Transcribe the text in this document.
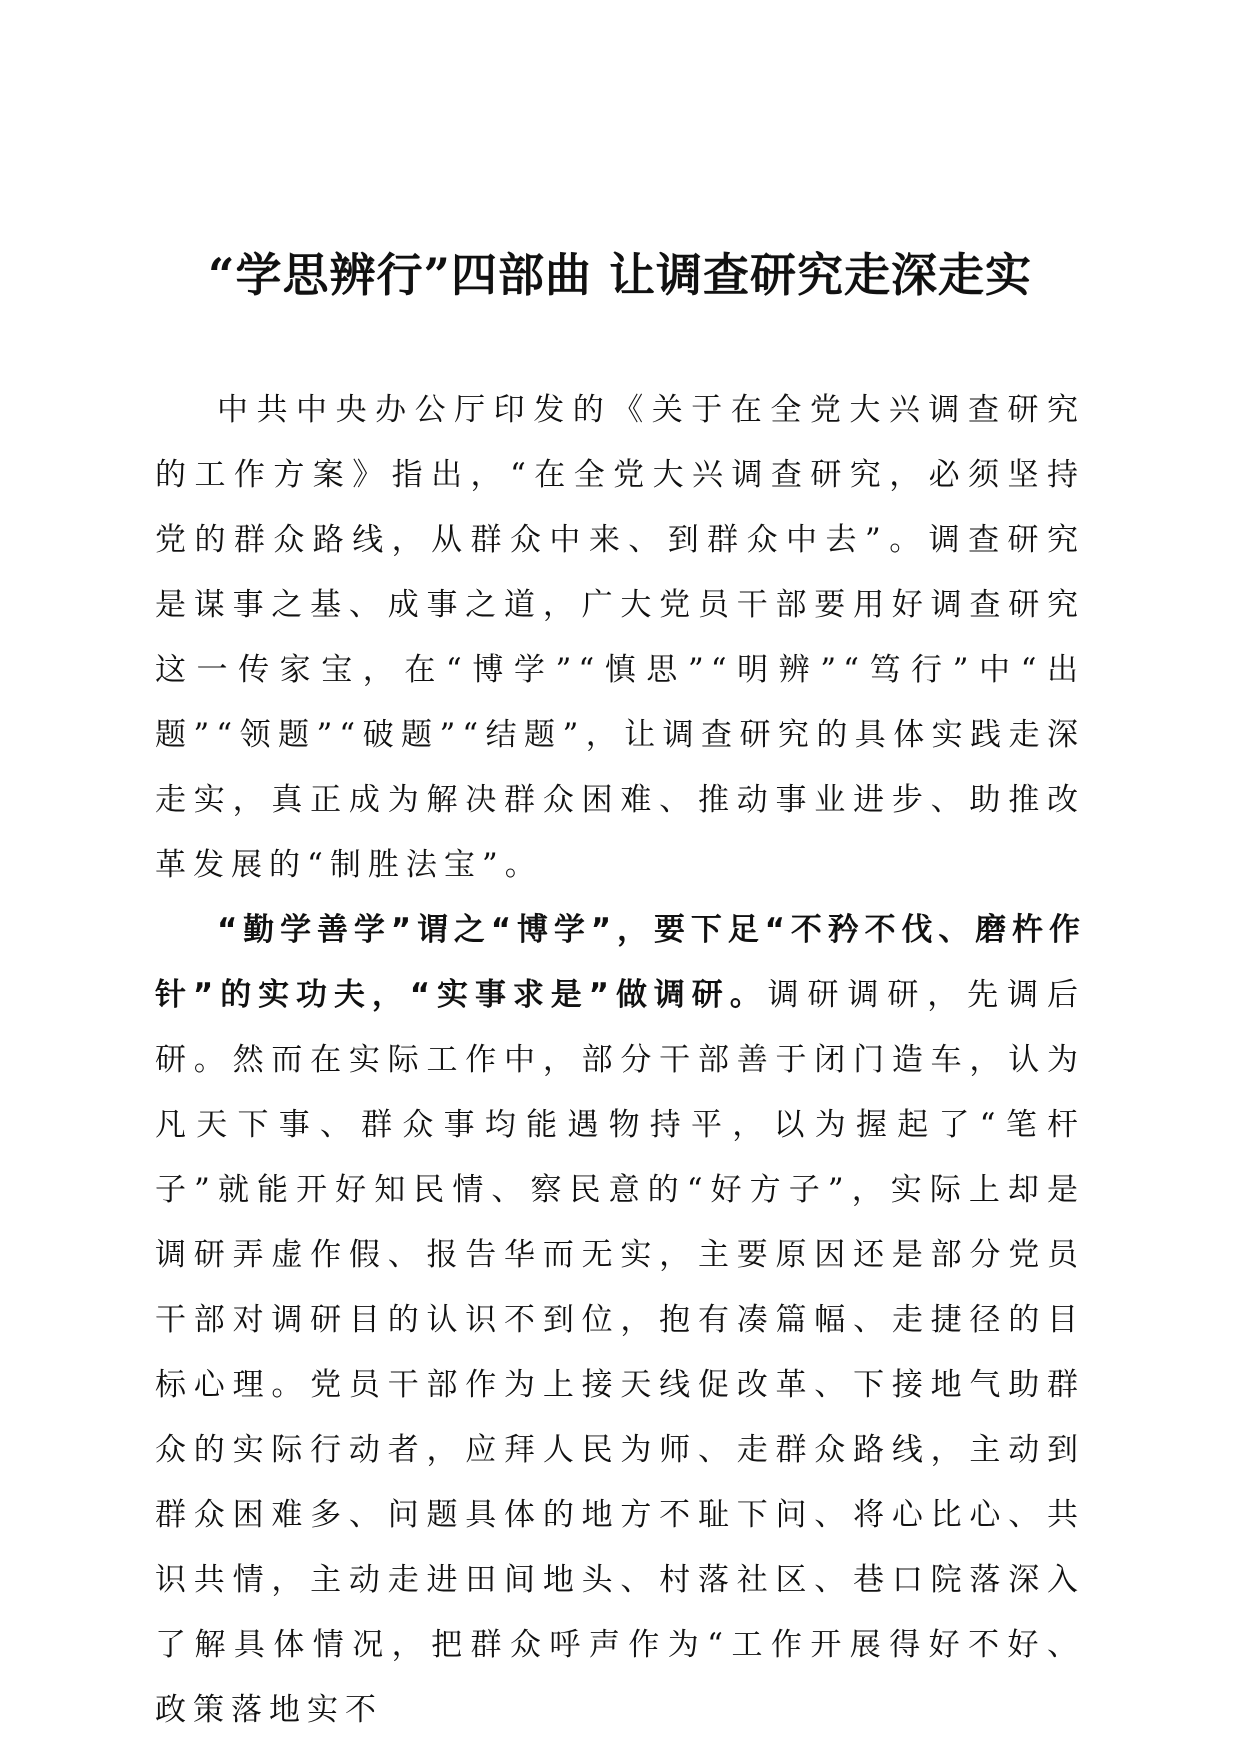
“学思辨行”四部曲 让调查研究走深走实

中共中央办公厅印发的《关于在全党大兴调查研究的工作方案》指出，“在全党大兴调查研究，必须坚持党的群众路线，从群众中来、到群众中去”。调查研究是谋事之基、成事之道，广大党员干部要用好调查研究这一传家宝，在“博学”“慎思”“明辨”“笃行”中“出题”“领题”“破题”“结题”，让调查研究的具体实践走深走实，真正成为解决群众困难、推动事业进步、助推改革发展的“制胜法宝”。

“勤学善学”谓之“博学”，要下足“不矜不伐、磨杵作针”的实功夫，“实事求是”做调研。调研调研，先调后研。然而在实际工作中，部分干部善于闭门造车，认为凡天下事、群众事均能遇物持平，以为握起了“笔杆子”就能开好知民情、察民意的“好方子”，实际上却是调研弄虚作假、报告华而无实，主要原因还是部分党员干部对调研目的认识不到位，抱有凑篇幅、走捷径的目标心理。党员干部作为上接天线促改革、下接地气助群众的实际行动者，应拜人民为师、走群众路线，主动到群众困难多、问题具体的地方不耻下问、将心比心、共识共情，主动走进田间地头、村落社区、巷口院落深入了解具体情况，把群众呼声作为“工作开展得好不好、政策落地实不
